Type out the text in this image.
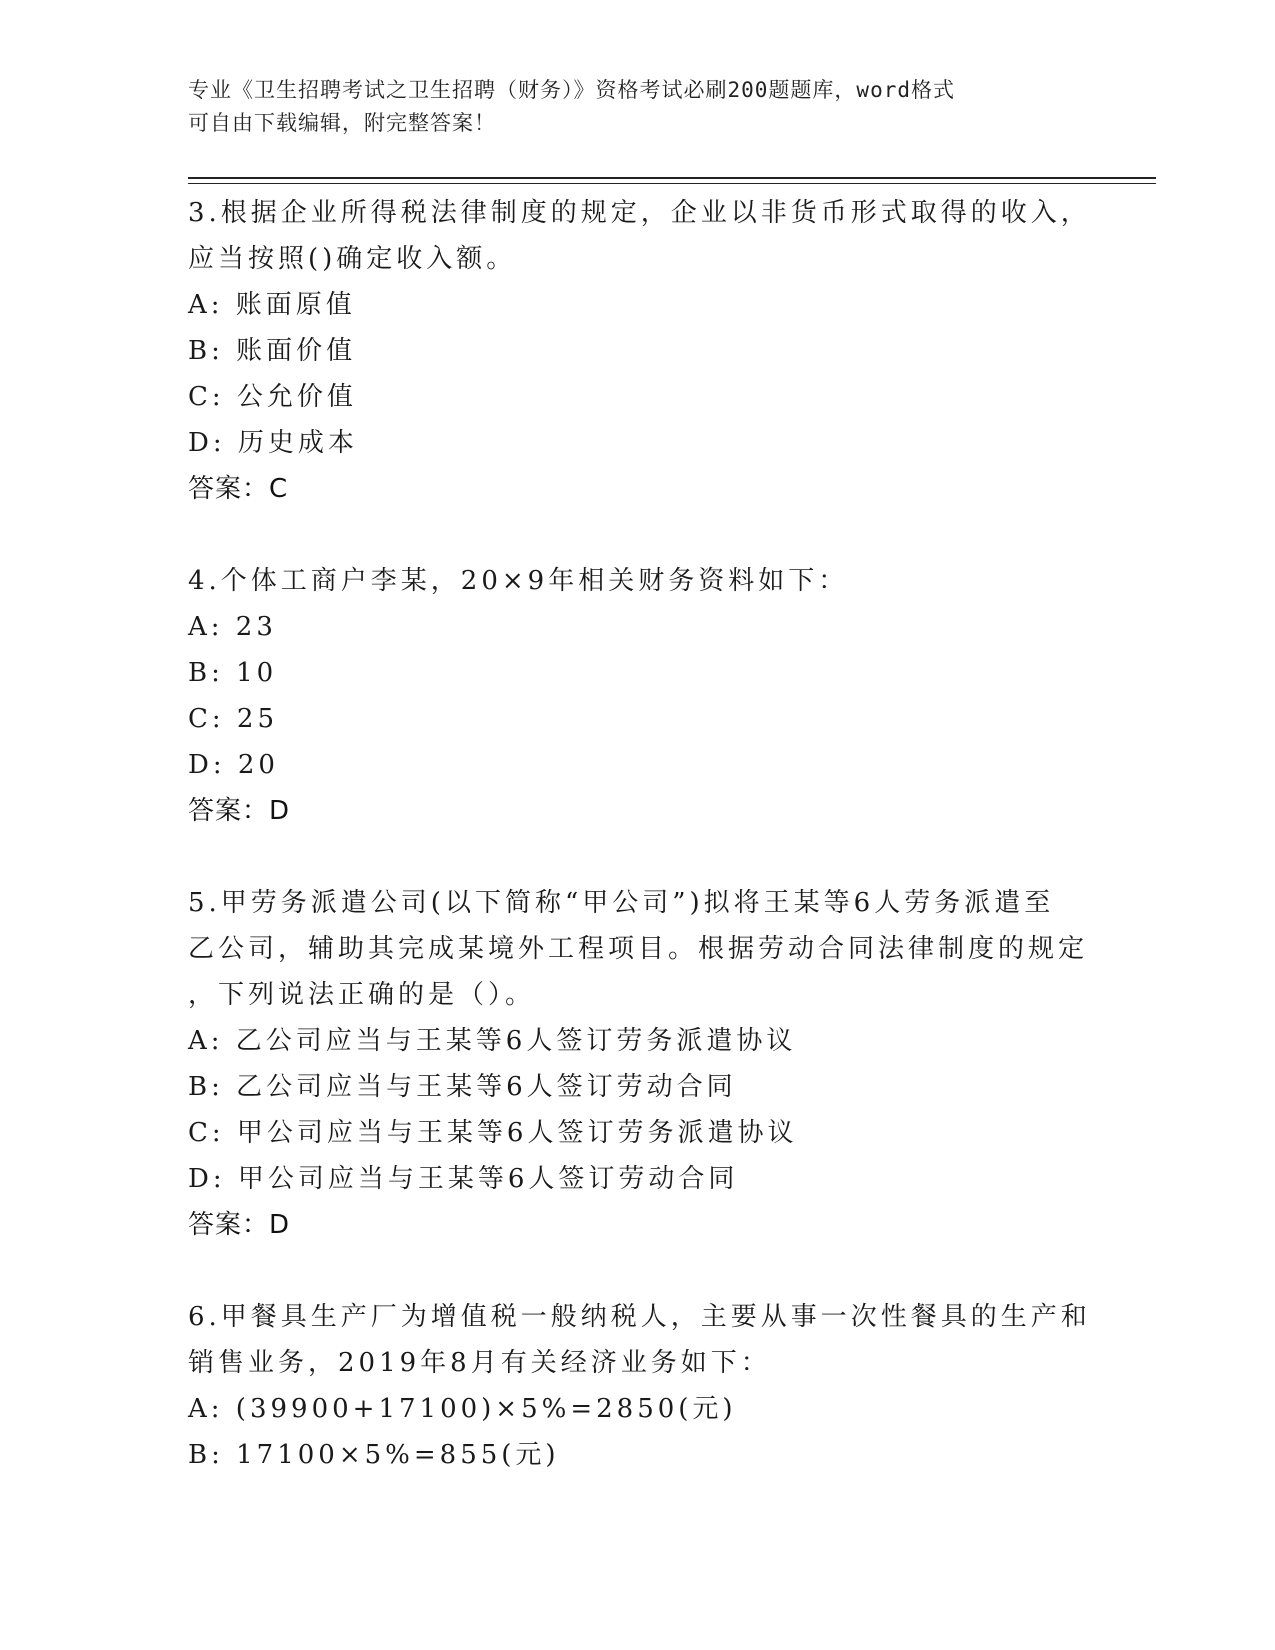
专业《卫生招聘考试之卫生招聘（财务）》资格考试必刷200题题库，word格式
可自由下载编辑，附完整答案！
3.根据企业所得税法律制度的规定，企业以非货币形式取得的收入，
应当按照()确定收入额。
A: 账面原值
B: 账面价值
C: 公允价值
D: 历史成本
答案：C
4.个体工商户李某，20×9年相关财务资料如下：
A: 23
B: 10
C: 25
D: 20
答案：D
5.甲劳务派遣公司(以下简称“甲公司”)拟将王某等6人劳务派遣至
乙公司，辅助其完成某境外工程项目。根据劳动合同法律制度的规定
，下列说法正确的是（）。
A: 乙公司应当与王某等6人签订劳务派遣协议
B: 乙公司应当与王某等6人签订劳动合同
C: 甲公司应当与王某等6人签订劳务派遣协议
D: 甲公司应当与王某等6人签订劳动合同
答案：D
6.甲餐具生产厂为增值税一般纳税人，主要从事一次性餐具的生产和
销售业务，2019年8月有关经济业务如下：
A: (39900+17100)×5%=2850(元)
B: 17100×5%=855(元)
